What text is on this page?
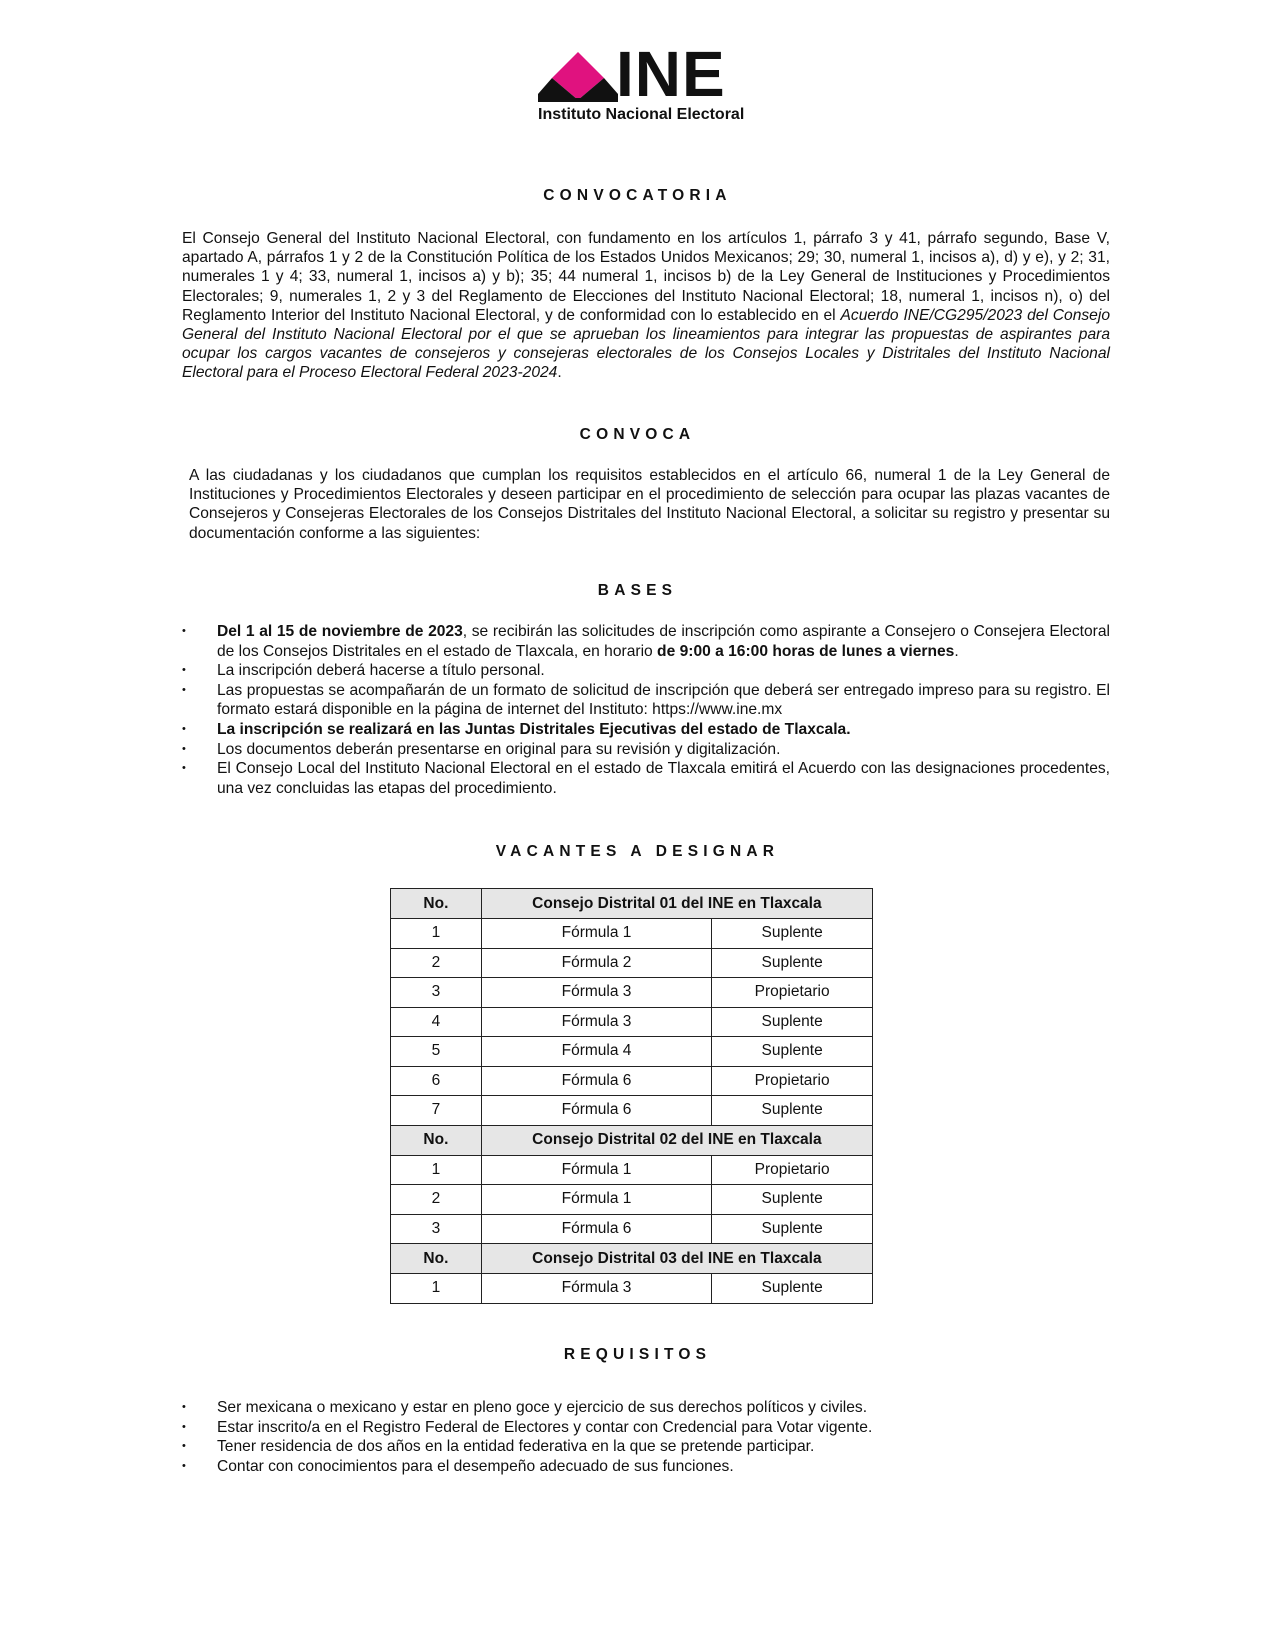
INE
Instituto Nacional Electoral
CONVOCATORIA
El Consejo General del Instituto Nacional Electoral, con fundamento en los artículos 1, párrafo 3 y 41, párrafo segundo, Base V, apartado A, párrafos 1 y 2 de la Constitución Política de los Estados Unidos Mexicanos; 29; 30, numeral 1, incisos a), d) y e), y 2; 31, numerales 1 y 4; 33, numeral 1, incisos a) y b); 35; 44 numeral 1, incisos b) de la Ley General de Instituciones y Procedimientos Electorales; 9, numerales 1, 2 y 3 del Reglamento de Elecciones del Instituto Nacional Electoral; 18, numeral 1, incisos n), o) del Reglamento Interior del Instituto Nacional Electoral, y de conformidad con lo establecido en el Acuerdo INE/CG295/2023 del Consejo General del Instituto Nacional Electoral por el que se aprueban los lineamientos para integrar las propuestas de aspirantes para ocupar los cargos vacantes de consejeros y consejeras electorales de los Consejos Locales y Distritales del Instituto Nacional Electoral para el Proceso Electoral Federal 2023-2024.
CONVOCA
A las ciudadanas y los ciudadanos que cumplan los requisitos establecidos en el artículo 66, numeral 1 de la Ley General de Instituciones y Procedimientos Electorales y deseen participar en el procedimiento de selección para ocupar las plazas vacantes de Consejeros y Consejeras Electorales de los Consejos Distritales del Instituto Nacional Electoral, a solicitar su registro y presentar su documentación conforme a las siguientes:
BASES
• Del 1 al 15 de noviembre de 2023, se recibirán las solicitudes de inscripción como aspirante a Consejero o Consejera Electoral de los Consejos Distritales en el estado de Tlaxcala, en horario de 9:00 a 16:00 horas de lunes a viernes.
• La inscripción deberá hacerse a título personal.
• Las propuestas se acompañarán de un formato de solicitud de inscripción que deberá ser entregado impreso para su registro. El formato estará disponible en la página de internet del Instituto: https://www.ine.mx
• La inscripción se realizará en las Juntas Distritales Ejecutivas del estado de Tlaxcala.
• Los documentos deberán presentarse en original para su revisión y digitalización.
• El Consejo Local del Instituto Nacional Electoral en el estado de Tlaxcala emitirá el Acuerdo con las designaciones procedentes, una vez concluidas las etapas del procedimiento.
VACANTES A DESIGNAR
No.	Consejo Distrital 01 del INE en Tlaxcala	
1	Fórmula 1	Suplente
2	Fórmula 2	Suplente
3	Fórmula 3	Propietario
4	Fórmula 3	Suplente
5	Fórmula 4	Suplente
6	Fórmula 6	Propietario
7	Fórmula 6	Suplente
No.	Consejo Distrital 02 del INE en Tlaxcala	
1	Fórmula 1	Propietario
2	Fórmula 1	Suplente
3	Fórmula 6	Suplente
No.	Consejo Distrital 03 del INE en Tlaxcala	
1	Fórmula 3	Suplente
REQUISITOS
• Ser mexicana o mexicano y estar en pleno goce y ejercicio de sus derechos políticos y civiles.
• Estar inscrito/a en el Registro Federal de Electores y contar con Credencial para Votar vigente.
• Tener residencia de dos años en la entidad federativa en la que se pretende participar.
• Contar con conocimientos para el desempeño adecuado de sus funciones.
